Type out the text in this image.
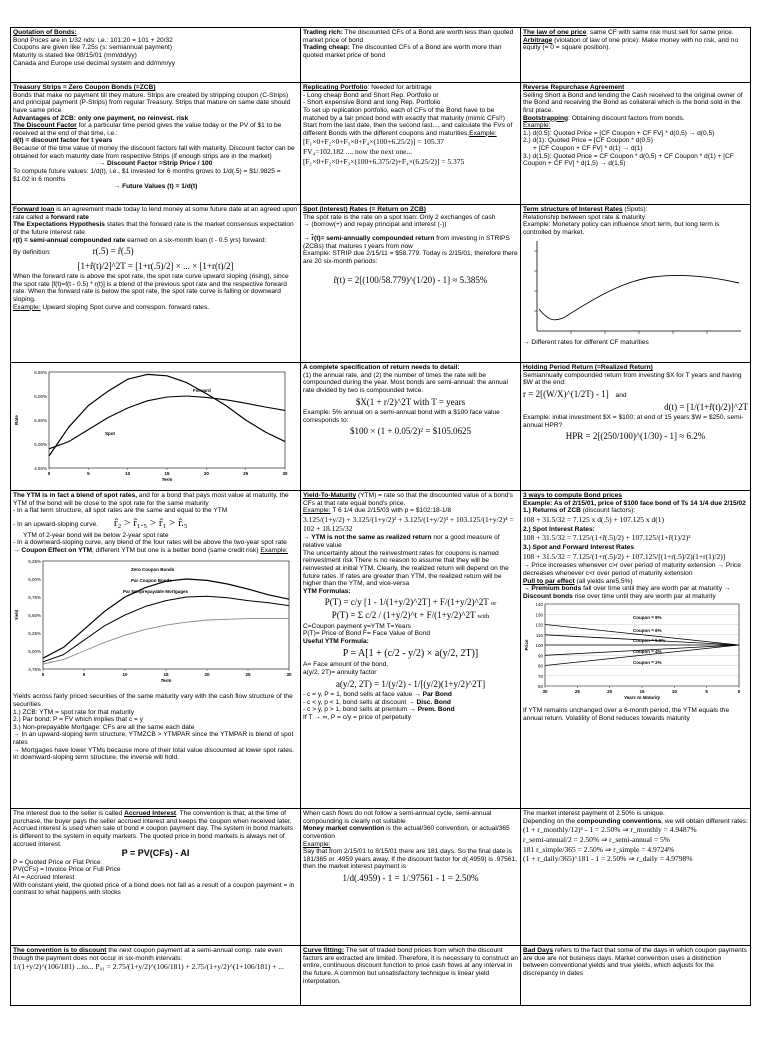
Quotation of Bonds:
Bond Prices are in 1/32 nds: i.e.: 101:20 = 101 + 20/32
Coupons are given like 7.25s (s: semiannual payment)
Maturity is stated like 08/15/01 (mm/dd/yy)
Canada and Europe use decimal system and dd/mm/yy

Trading rich: The discounted CFs of a Bond are worth less than quoted market price of bond

Trading cheap: The discounted CFs of a Bond are worth more than quoted market price of bond

The law of one price: same CF with same risk must sell for same price.

Arbitrage (violation of law of one price): Make money with no risk, and no equity (= 0 = square position).

Treasury Strips = Zero Coupon Bonds (=ZCB)

Bonds that make no payment till they mature. Strips are created by stripping coupon (C-Strips) and principal payment (P-Strips) from regular Treasury. Strips that mature on same date should have same price

Advantages of ZCB: only one payment, no reinvest. risk

The Discount Factor for a particular time period gives the value today or the PV of $1 to be received at the end of that time, i.e.:

d(t) = discount factor for t years

Because of the time value of money the discount factors fall with maturity. Discount factor can be obtained for each maturity date from respective Strips (if enough strips are in the market)

→ Discount Factor =Strip Price / 100

To compute future values: 1/d(t), i.e., $1 invested for 6 months grows to 1/d(.5) = $1/.9825 = $1.02 in 6 months

→ Future Values (t) = 1/d(t)

Replicating Portfolio: Needed for arbitrage

- Long cheap Bond and Short Rep. Portfolio or

- Short expensive Bond and long Rep. Portfolio

To set up replication portfolio, each of CFs of the Bond have to be matched by a fair priced bond with exactly that maturity (mimic CFs!!)

Start from the last date, then the second last..., and calculate the FVs of different Bonds with the different coupons and maturities.Example:

[F₁×0+F₂×0+F₃×0+F₄×(100+6.25/2)] = 105.37

FV₄=102.182 .... now the next one...

[F₁×0+F₂×0+F₃×(100+6.375/2)+F₄×(6.25/2)] = 5.375

Reverse Repurchase Agreement

Selling Short a Bond and lending the Cash received to the original owner of the Bond and receiving the Bond as collateral which is the bond sold in the first place.

Bootstrapping: Obtaining discount factors from bonds.

Example:

1.) d(0.5): Quoted Price = [CF Coupon + CF FV] * d(0,5) → d(0,5)

2.) d(1): Quoted Price = [CF Coupon * d(0,5)

+ [CF Coupon + CF FV] * d(1) → d(1)

3.) d(1,5): Quoted Price = CF Coupon * d(0,5) + CF Coupon * d(1) + [CF Coupon + CF FV] * d(1,5) → d(1,5)

Forward loan is an agreement made today to lend money at some future date at an agreed upon rate called a forward rate

The Expectations Hypothesis states that the forward rate is the market consensus expectation of the future interest rate.

r(t) = semi-annual compounded rate earned on a six-month loan (t - 0.5 yrs) forward:

By definition:	r(.5) = r̂(.5)

[1+r̂(t)/2]^2T = [1+r(.5)/2] × ... × [1+r(t)/2]

When the forward rate is above the spot rate, the spot rate curve upward sloping (rising), since the spot rate [f(t)=f(t - 0.5) * r(t)] is a blend of the previous spot rate and the respective forward rate. When the forward rate is below the spot rate, the spot rate curve is falling or downward sloping.

Example: Upward sloping Spot curve and correspon. forward rates.

Spot (Interest) Rates (= Return on ZCB)

The spot rate is the rate on a spot loan: Only 2 exchanges of cash

→ (borrow(+) and repay principal and interest (-))

→ r̂(t)= semi-annually compounded return from investing in STRIPS (ZCBs) that matures t years from now

Example: STRIP due 2/15/11 = $58.779. Today is 2/15/01, therefore there are 20 six-month periods:

r̂(t) = 2[(100/58.779)^(1/20) - 1] ≈ 5.385%

Term structure of Interest Rates (Spots):

Relationship between spot rate & maturity

Example: Monetary policy can influence short term, but long term is controlled by market.

→ Different rates for different CF maturities

4.50%
5.00%
5.50%
6.00%
6.50%
0	5	10	15	20	25	30
Term
Rate
Forward
Spot

A complete specification of return needs to detail:

(1) the annual rate, and (2) the number of times the rate will be compounded during the year. Most bonds are semi-annual: the annual rate divided by two is compounded twice.

$X(1 + r/2)^2T with T = years

Example: 5% annual on a semi-annual bond with a $100 face value corresponds to:

$100 × (1 + 0.05/2)² = $105.0625

Holding Period Return (=Realized Return)

Semiannually compounded return from investing $X for T years and having $W at the end:

r = 2[(W/X)^(1/2T) - 1] and

d(t) = [1/(1+r̂(t)/2)]^2T

Example: initial investment $X = $100; at end of 15 years $W = $250, semi-annual HPR?

HPR = 2[(250/100)^(1/30) - 1] ≈ 6.2%

The YTM is in fact a blend of spot rates, and for a bond that pays most value at maturity, the YTM of the bond will be close to the spot rate for the same maturity

- In a flat term structure, all spot rates are the same and equal to the YTM

- In an upward-sloping curve. r̂₂ > r̂₁.₅ > r̂₁ > r̂.₅

YTM of 2-year bond will be below 2-year spot rate

- In a downward-sloping curve, any blend of the four rates will be above the two-year spot rate

→ Coupon Effect on YTM, different YTM but one is a better bond (same credit risk) Example:

4,75%
5,00%
5,25%
5,50%
5,75%
6,00%
6,25%
0	5	10	15	20	25	30
Term
Yield
Zero Coupon Bonds
Par Coupon Bonds
Par Nonprepayable Mortgages

Yields across fairly priced securities of the same maturity vary with the cash flow structure of the securities

1.) ZCB: YTM = spot rate for that maturity

2.) Par bond: P = FV which implies that c = y

3.) Non-prepayable Mortgage: CFs are all the same each date

→ In an upward-sloping term structure, YTMZCB > YTMPAR since the YTMPAR is blend of spot rates

→ Mortgages have lower YTMs because more of their total value discounted at lower spot rates.

In downward-sloping term structure, the inverse will hold.

Yield-To-Maturity (YTM) = rate so that the discounted value of a bond's CFs at that rate equal bond's price.

Example: T 6 1/4 due 2/15/03 with p = $102:18-1/8

3.125/(1+y/2) + 3.125/(1+y/2)² + 3.125/(1+y/2)³ + 103.125/(1+y/2)⁴ = 102 + 18.125/32

→ YTM is not the same as realized return nor a good measure of relative value

The uncertainty about the reinvestment rates for coupons is named reinvestment risk There is no reason to assume that they will be reinvested at initial YTM. Clearly, the realized return will depend on the future rates. If rates are greater than YTM, the realized return will be higher than the YTM, and vice-versa

YTM Formulas:

P(T) = c/y [1 - 1/(1+y/2)^2T] + F/(1+y/2)^2T or

P(T) = Σ c/2 / (1+y/2)^t + F/(1+y/2)^2T with

C=Coupon payment y=YTM T=Years

P(T)= Price of Bond F= Face Value of Bond

Useful YTM Formula:

P = A[1 + (c/2 - y/2) × a(y/2, 2T)]

A= Face amount of the bond,

a(y/2, 2T)= annuity factor

a(y/2, 2T) = 1/(y/2) - 1/[(y/2)(1+y/2)^2T]

- c = y, P = 1, bond sells at face value → Par Bond

- c < y, p < 1, bond sells at discount → Disc. Bond

- c > y, p > 1, bond sells at premium → Prem. Bond

If T → ∞, P = c/y = price of perpetuity

3 ways to compute Bond prices

Example: As of 2/15/01, price of $100 face bond of Ts 14 1/4 due 2/15/02

1.) Returns of ZCB (discount factors):

108 + 31.5/32 = 7.125 x d(.5) + 107.125 x d(1)

2.) Spot Interest Rates:

108 + 31.5/32 = 7.125/(1+r̂(.5)/2) + 107.125/(1+r̂(1)/2)²

3.) Spot and Forward Interest Rates

108 + 31.5/32 = 7.125/(1+r(.5)/2) + 107.125/[(1+r(.5)/2)(1+r(1)/2)]

→ Price increases whenever c>r over period of maturity extension → Price decreases whenever c<r over period of maturity extension

Pull to par effect (all yields are5,5%)

→ Premium bonds fall over time until they are worth par at maturity → Discount bonds rise over time until they are worth par at maturity

60
70
80
90
100
110
120
130
140
30	25	20	15	10	5	0
Years to Maturity
Price
Coupon = 8%
Coupon = 6%
Coupon = 5.5%
Coupon = 4%
Coupon = 2%

If YTM remains unchanged over a 6-month period, the YTM equals the annual return. Volatility of Bond reduces towards maturity

The interest due to the seller is called Accrued Interest. The convention is that, at the time of purchase, the buyer pays the seller accrued interest and keeps the coupon when received later. Accrued interest is used when sale of bond ≠ coupon payment day. The system in bond markets is different to the system in equity markets. The quoted price in bond markets is always net of accrued interest.

P = PV(CFs) - AI

P = Quoted Price or Flat Price

PV(CFs) = Invoice Price or Full Price

AI = Accrued Interest

With constant yield, the quoted price of a bond does not fall as a result of a coupon payment = in contrast to what happens with stocks

When cash flows do not follow a semi-annual cycle, semi-annual compounding is clearly not suitable

Money market convention is the actual/360 convention, or actual/365 convention

Example:

Say that from 2/15/01 to 8/15/01 there are 181 days. So the final date is 181/365 or .4959 years away. If the discount factor for d(.4959) is .97561, then the market interest payment is

1/d(.4959) - 1 = 1/.97561 - 1 = 2.50%

The market interest payment of 2.50% is unique.

Depending on the compounding conventions, we will obtain different rates:

(1 + r_monthly/12)⁶ - 1 = 2.50% ⇒ r_monthly = 4.9487%

r_semi-annual/2 = 2.50% ⇒ r_semi-annual = 5%

181 r_simple/365 = 2.50% ⇒ r_simple = 4.9724%

(1 + r_daily/365)^181 - 1 = 2.50% ⇒ r_daily = 4.9798%

The convention is to discount the next coupon payment at a semi-annual comp. rate even though the payment does not occur in six-month intervals:

1/(1+y/2)^(106/181) ...to... P₀₁ = 2.75/(1+y/2)^(106/181) + 2.75/(1+y/2)^(1+106/181) + ...

Curve fitting: The set of traded bond prices from which the discount factors are extracted are limited. Therefore, it is necessary to construct an entire, continuous discount function to price cash flows at any interval in the future. A common but unsatisfactory technique is linear yield interpolation.

Bad Days refers to the fact that some of the days in which coupon payments are due are not business days. Market convention uses a distinction between conventional yields and true yields, which adjusts for the discrepancy in dates
